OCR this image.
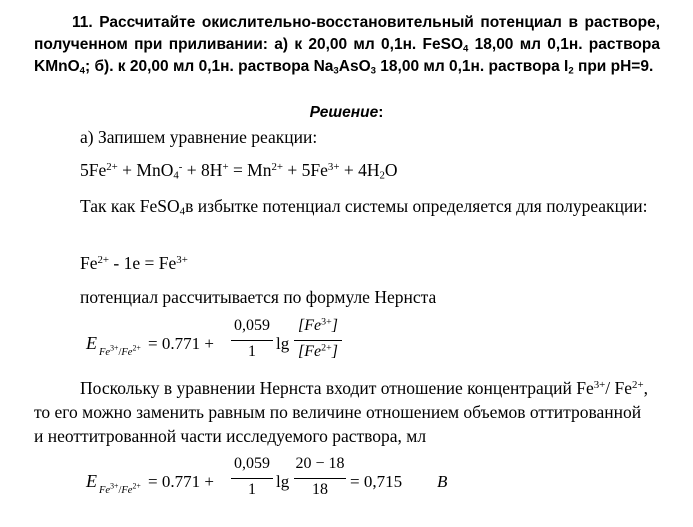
11. Рассчитайте окислительно-восстановительный потенциал в растворе, полученном при приливании: а) к 20,00 мл 0,1н. FeSO$_4$ 18,00 мл 0,1н. раствора KMnO$_4$; б). к 20,00 мл 0,1н. раствора $Na_3AsO_3$ 18,00 мл 0,1н. раствора $I_2$ при pH=9.
Решение:
а) Запишем уравнение реакции:
$5Fe^{2+} + MnO_4^- + 8H^+ = Mn^{2+} + 5Fe^{3+} + 4H_2O$
Так как FeSO$_4$в избытке потенциал системы определяется для полуреакции:
$Fe^{2+} - 1e = Fe^{3+}$
потенциал рассчитывается по формуле Нернста
E $Fe^{3+}/Fe^{2+} = 0.771$ +
0,059
1	lg
$[Fe^{3+}]$
$[Fe^{2+}]$
Поскольку в уравнении Нернста входит отношение концентраций $Fe^{3+}/$ $Fe^{2+}$, то его можно заменить равным по величине отношением объемов оттитрованной и неоттитрованной части исследуемого раствора, мл
E $Fe^{3+}/Fe^{2+} = 0.771$ +
0,059
1	lg
20 − 18
18	= 0,715 B
